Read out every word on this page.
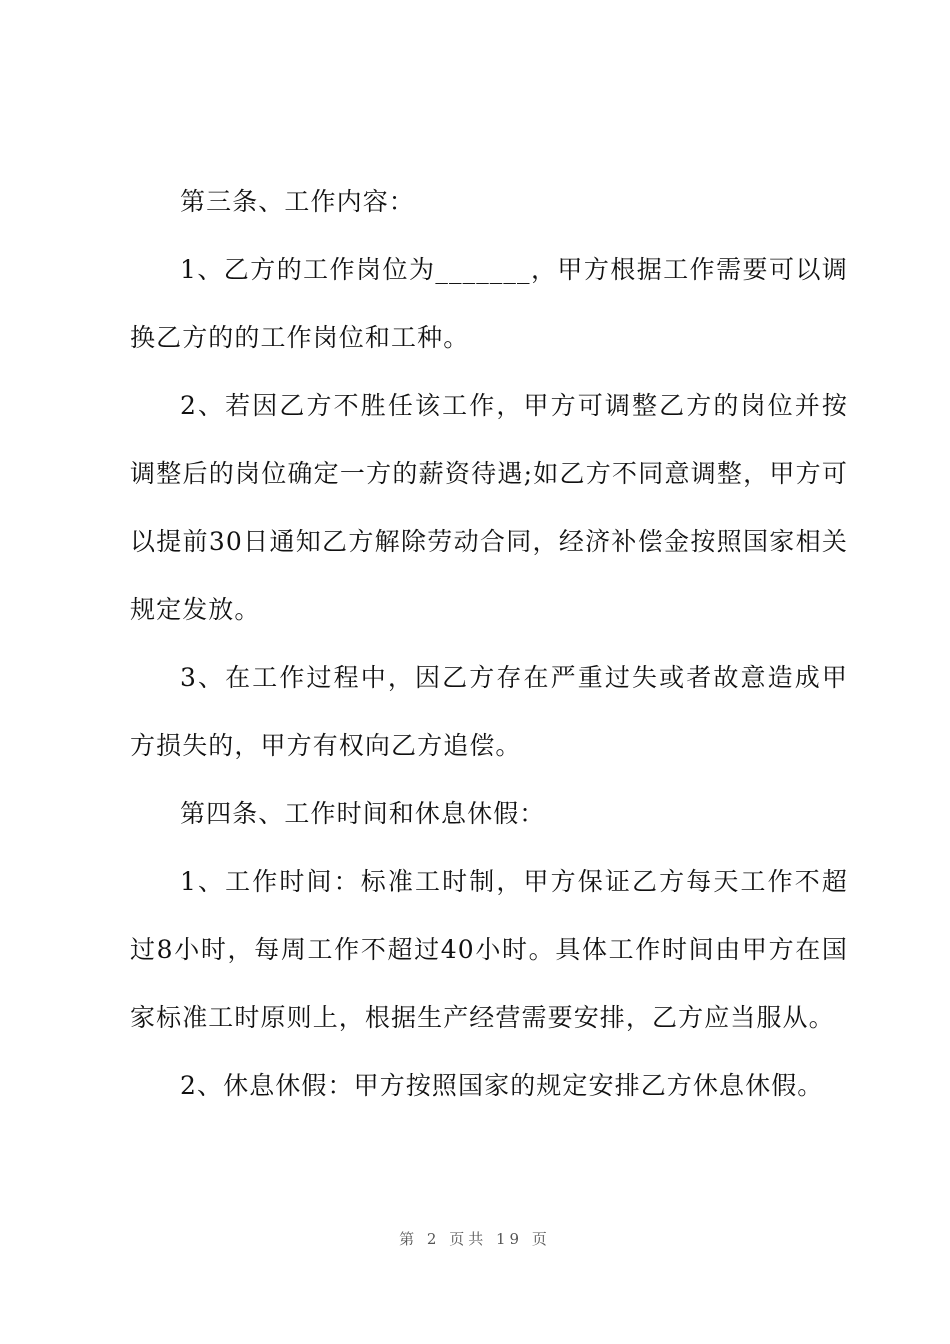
第三条、工作内容：

1、乙方的工作岗位为_______，甲方根据工作需要可以调换乙方的的工作岗位和工种。

2、若因乙方不胜任该工作，甲方可调整乙方的岗位并按调整后的岗位确定一方的薪资待遇;如乙方不同意调整，甲方可以提前30日通知乙方解除劳动合同，经济补偿金按照国家相关规定发放。

3、在工作过程中，因乙方存在严重过失或者故意造成甲方损失的，甲方有权向乙方追偿。

第四条、工作时间和休息休假：

1、工作时间：标准工时制，甲方保证乙方每天工作不超过8小时，每周工作不超过40小时。具体工作时间由甲方在国家标准工时原则上，根据生产经营需要安排，乙方应当服从。

2、休息休假：甲方按照国家的规定安排乙方休息休假。

第 2 页共 19 页
